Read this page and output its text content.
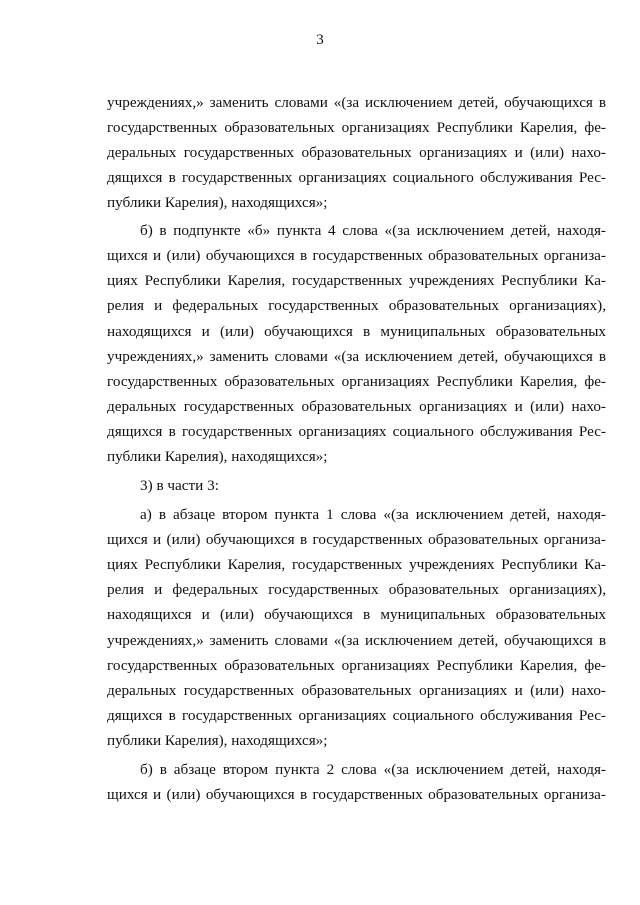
3
учреждениях,» заменить словами «(за исключением детей, обучающихся в
государственных образовательных организациях Республики Карелия, фе-
деральных государственных образовательных организациях и (или) нахо-
дящихся в государственных организациях социального обслуживания Рес-
публики Карелия), находящихся»;
б) в подпункте «б» пункта 4 слова «(за исключением детей, находя-
щихся и (или) обучающихся в государственных образовательных организа-
циях Республики Карелия, государственных учреждениях Республики Ка-
релия и федеральных государственных образовательных организациях),
находящихся и (или) обучающихся в муниципальных образовательных
учреждениях,» заменить словами «(за исключением детей, обучающихся в
государственных образовательных организациях Республики Карелия, фе-
деральных государственных образовательных организациях и (или) нахо-
дящихся в государственных организациях социального обслуживания Рес-
публики Карелия), находящихся»;
3) в части 3:
а) в абзаце втором пункта 1 слова «(за исключением детей, находя-
щихся и (или) обучающихся в государственных образовательных организа-
циях Республики Карелия, государственных учреждениях Республики Ка-
релия и федеральных государственных образовательных организациях),
находящихся и (или) обучающихся в муниципальных образовательных
учреждениях,» заменить словами «(за исключением детей, обучающихся в
государственных образовательных организациях Республики Карелия, фе-
деральных государственных образовательных организациях и (или) нахо-
дящихся в государственных организациях социального обслуживания Рес-
публики Карелия), находящихся»;
б) в абзаце втором пункта 2 слова «(за исключением детей, находя-
щихся и (или) обучающихся в государственных образовательных организа-
